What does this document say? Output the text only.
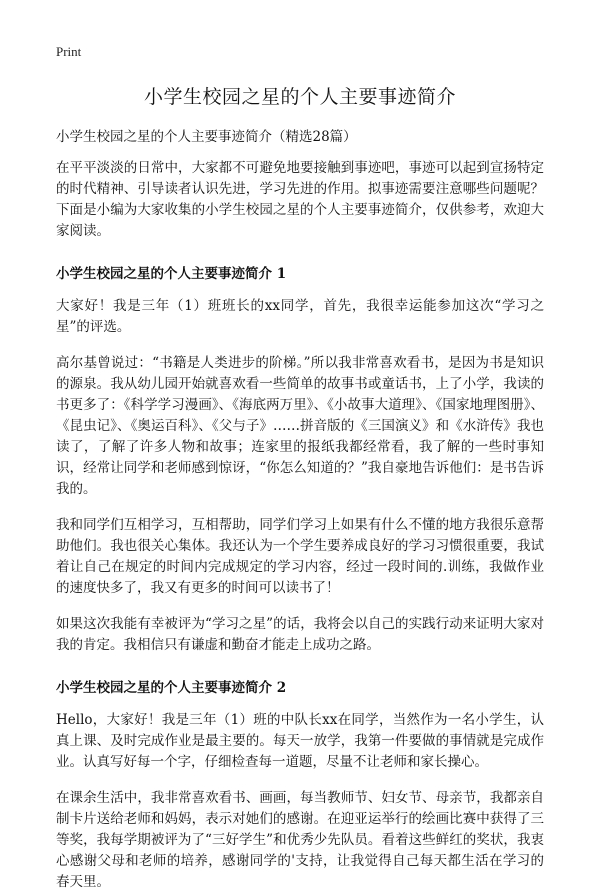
Print
小学生校园之星的个人主要事迹简介
小学生校园之星的个人主要事迹简介（精选28篇）

在平平淡淡的日常中，大家都不可避免地要接触到事迹吧，事迹可以起到宣扬特定的时代精神、引导读者认识先进，学习先进的作用。拟事迹需要注意哪些问题呢？下面是小编为大家收集的小学生校园之星的个人主要事迹简介，仅供参考，欢迎大家阅读。

小学生校园之星的个人主要事迹简介 1

大家好！我是三年（1）班班长的xx同学，首先，我很幸运能参加这次“学习之星”的评选。

高尔基曾说过：“书籍是人类进步的阶梯。”所以我非常喜欢看书，是因为书是知识的源泉。我从幼儿园开始就喜欢看一些简单的故事书或童话书，上了小学，我读的书更多了：《科学学习漫画》、《海底两万里》、《小故事大道理》、《国家地理图册》、《昆虫记》、《奥运百科》、《父与子》……拼音版的《三国演义》和《水浒传》我也读了，了解了许多人物和故事；连家里的报纸我都经常看，我了解的一些时事知识，经常让同学和老师感到惊讶，“你怎么知道的？”我自豪地告诉他们：是书告诉我的。

我和同学们互相学习，互相帮助，同学们学习上如果有什么不懂的地方我很乐意帮助他们。我也很关心集体。我还认为一个学生要养成良好的学习习惯很重要，我试着让自己在规定的时间内完成规定的学习内容，经过一段时间的.训练，我做作业的速度快多了，我又有更多的时间可以读书了！

如果这次我能有幸被评为“学习之星”的话，我将会以自己的实践行动来证明大家对我的肯定。我相信只有谦虚和勤奋才能走上成功之路。

小学生校园之星的个人主要事迹简介 2

Hello，大家好！我是三年（1）班的中队长xx在同学，当然作为一名小学生，认真上课、及时完成作业是最主要的。每天一放学，我第一件要做的事情就是完成作业。认真写好每一个字，仔细检查每一道题，尽量不让老师和家长操心。

在课余生活中，我非常喜欢看书、画画，每当教师节、妇女节、母亲节，我都亲自制卡片送给老师和妈妈，表示对她们的感谢。在迎亚运举行的绘画比赛中获得了三等奖，我每学期被评为了“三好学生”和优秀少先队员。看着这些鲜红的奖状，我衷心感谢父母和老师的培养，感谢同学的'支持，让我觉得自己每天都生活在学习的春天里。
